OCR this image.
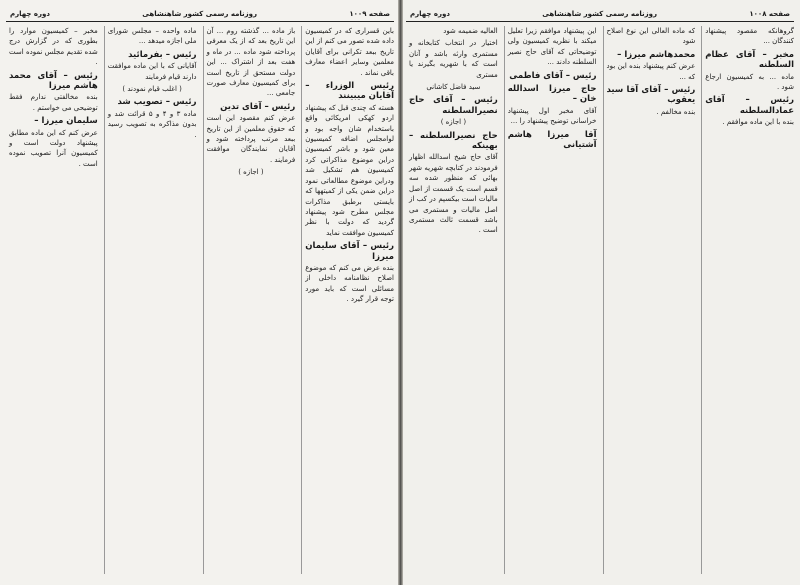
صفحه ۱۰۰۹
روزنامه رسمی کشور شاهنشاهی
دوره چهارم

باین قسراری که در کمیسیون داده شده تصور می کنم از این تاریخ ببعد تکرانی برای آقایان معلمین وسایر اعضاء معارف باقی نماند .

رئیس الوزراء – آقایان میبینند

هسته که چندی قبل که پیشنهاد اردو کهکی امریکائی واقع باستخدام شان واجه بود و لوامجلس اضافه کمیسیون معین شود و باشر کمیسیون دراین موضوع مذاکراتی کرد کمیسیون هم تشکیل شد ودراین موضوع مطالعاتی نمود دراین ضمن یکی از کمیتهها که بایستی برطبق مذاکرات مجلس مطرح شود پیشنهاد گردید که دولت با نظر کمیسیون موافقت نماید

رئیس – آقای سلیمان میرزا

بنده عرض می کنم که موضوع اصلاح نظامنامه داخلی از مسائلی است که باید مورد توجه قرار گیرد .

باز ماده ... گذشته روم ... آن این تاریخ بعد که از یک معرفی پرداخته شود ماده ... در ماه و هفت بعد از اشتراک ... این دولت مستحق از تاریخ است برای کمیسیون معارف صورت جامعی ...

رئیس – آقای تدین

عرض کنم مقصود این است که حقوق معلمین از این تاریخ ببعد مرتب پرداخته شود و آقایان نمایندگان موافقت فرمایند .

( اجازه )

ماده واحده – مجلس شورای ملی اجازه میدهد ...

رئیس – بفرمائید

آقایانی که با این ماده موافقت دارند قیام فرمایند

( اغلب قیام نمودند )
رئیس – تصویب شد

ماده ۳ و ۴ و ۵ قرائت شد و بدون مذاکره به تصویب رسید .

مخبر – کمیسیون موارد را بطوری که در گزارش درج شده تقدیم مجلس نموده است .

رئیس – آقای محمد هاشم میرزا

بنده مخالفتی ندارم فقط توضیحی می خواستم .

سلیمان میرزا –

عرض کنم که این ماده مطابق پیشنهاد دولت است و کمیسیون آنرا تصویب نموده است .

صفحه ۱۰۰۸
روزنامه رسمی کشور شاهنشاهی
دوره چهارم

گروهانکه مقصود پیشنهاد کنندگان ...

مخبر – آقای عظام السلطنه

ماده ... به کمیسیون ارجاع شود .

رئیس – آقای عمادالسلطنه

بنده با این ماده موافقم .

که ماده العالی این نوع اصلاح شود

محمدهاشم میرزا –

عرض کنم پیشنهاد بنده این بود که ...

رئیس – آقای آقا سید یعقوب

بنده مخالفم .

این پیشنهاد موافقم زیرا تعلیل میکند با نظریه کمیسیون ولی توضیحاتی که آقای حاج نصیر السلطنه دادند ...

رئیس – آقای فاطمی
حاج میرزا اسدالله خان –

آقای مخبر اول پیشنهاد خراسانی توضیح پیشنهاد را ...

آقا میرزا هاشم آشتیانی

العالیه ضمیمه شود

اختیار در انتخاب کتابخانه و مستمری وارثه باشد و آنان است که با شهریه بگیرند یا مستری

سید فاضل کاشانی
رئیس – آقای حاج نصیرالسلطنه
( اجازه )
حاج نصیرالسلطنه – بهینکه

آقای حاج شیخ اسدالله اظهار فرمودند در کتابچه شهریه شهر بهائی که منظور شده سه قسم است یک قسمت از اصل مالیات است بیکسپم در کب از اصل مالیات و مستمری می باشد قسمت ثالث مستمری است .
